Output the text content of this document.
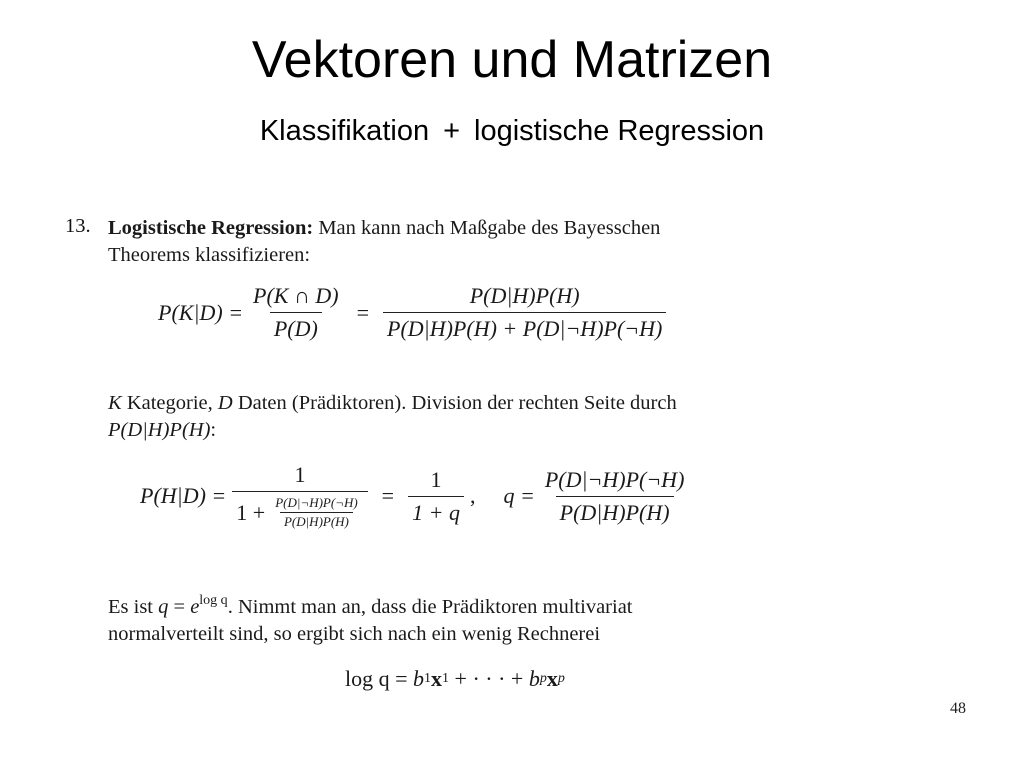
Vektoren und Matrizen
Klassifikation + logistische Regression
13. Logistische Regression: Man kann nach Maßgabe des Bayesschen
Theorems klassifizieren:
$P(K|D) = \frac{P(K \cap D)}{P(D)} = \frac{P(D|H)P(H)}{P(D|H)P(H) + P(D|\neg H)P(\neg H)}$
K Kategorie, D Daten (Prädiktoren). Division der rechten Seite durch
P(D|H)P(H):
$P(H|D) = \frac{1}{1 + \frac{P(D|\neg H)P(\neg H)}{P(D|H)P(H)}} = \frac{1}{1 + q}$ , $q = \frac{P(D|\neg H)P(\neg H)}{P(D|H)P(H)}$
Es ist $q = e^{log q}$. Nimmt man an, dass die Prädiktoren multivariat
normalverteilt sind, so ergibt sich nach ein wenig Rechnerei
log q = b 1 x 1 + · · · + b p x p
48
